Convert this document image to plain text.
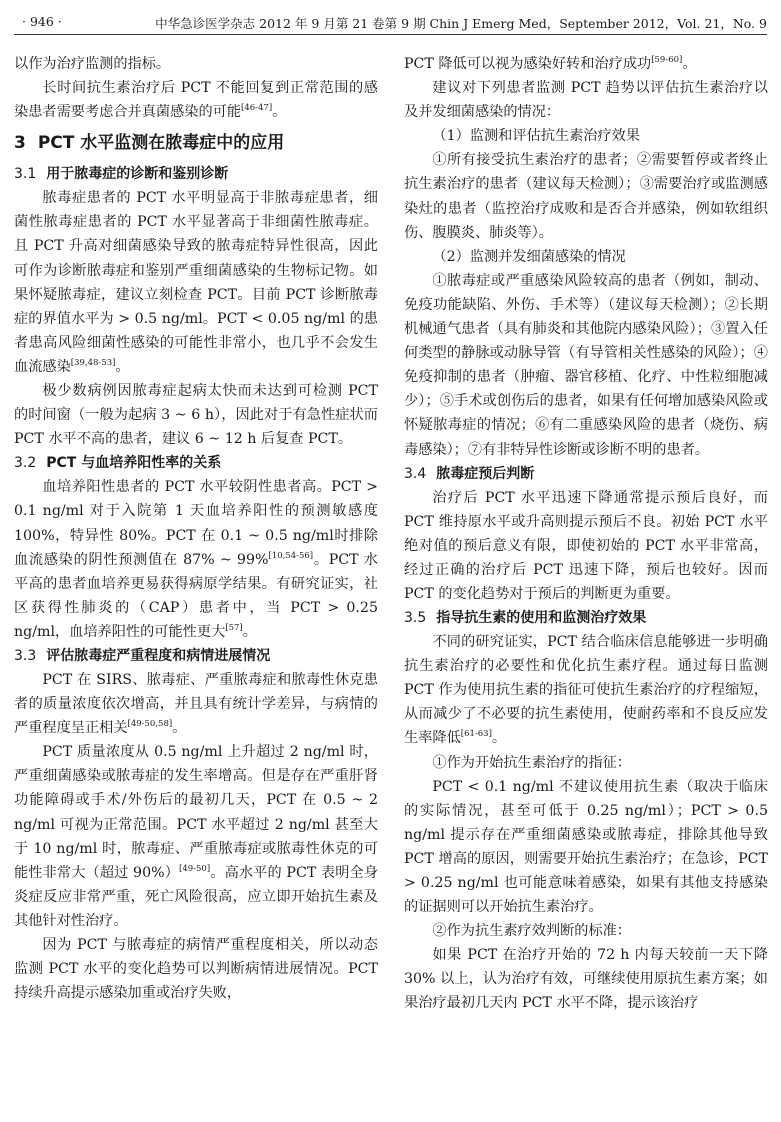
· 946 ·	中华急诊医学杂志 2012 年 9 月第 21 卷第 9 期 Chin J Emerg Med，September 2012，Vol. 21，No. 9

以作为治疗监测的指标。

长时间抗生素治疗后 PCT 不能回复到正常范围的感染患者需要考虑合并真菌感染的可能[46-47]。

3 PCT 水平监测在脓毒症中的应用
3.1 用于脓毒症的诊断和鉴别诊断

脓毒症患者的 PCT 水平明显高于非脓毒症患者，细菌性脓毒症患者的 PCT 水平显著高于非细菌性脓毒症。且 PCT 升高对细菌感染导致的脓毒症特异性很高，因此可作为诊断脓毒症和鉴别严重细菌感染的生物标记物。如果怀疑脓毒症，建议立刻检查 PCT。目前 PCT 诊断脓毒症的界值水平为 > 0.5 ng/ml。PCT < 0.05 ng/ml 的患者患高风险细菌性感染的可能性非常小，也几乎不会发生血流感染[39,48-53]。

极少数病例因脓毒症起病太快而未达到可检测 PCT 的时间窗（一般为起病 3 ~ 6 h），因此对于有急性症状而 PCT 水平不高的患者，建议 6 ~ 12 h 后复查 PCT。

3.2 PCT 与血培养阳性率的关系

血培养阳性患者的 PCT 水平较阴性患者高。PCT > 0.1 ng/ml 对于入院第 1 天血培养阳性的预测敏感度 100%，特异性 80%。PCT 在 0.1 ~ 0.5 ng/ml时排除血流感染的阴性预测值在 87% ~ 99%[10,54-56]。PCT 水平高的患者血培养更易获得病原学结果。有研究证实，社区获得性肺炎的（CAP）患者中，当 PCT > 0.25 ng/ml，血培养阳性的可能性更大[57]。

3.3 评估脓毒症严重程度和病情进展情况

PCT 在 SIRS、脓毒症、严重脓毒症和脓毒性休克患者的质量浓度依次增高，并且具有统计学差异，与病情的严重程度呈正相关[49-50,58]。

PCT 质量浓度从 0.5 ng/ml 上升超过 2 ng/ml 时，严重细菌感染或脓毒症的发生率增高。但是存在严重肝肾功能障碍或手术/外伤后的最初几天，PCT 在 0.5 ~ 2 ng/ml 可视为正常范围。PCT 水平超过 2 ng/ml 甚至大于 10 ng/ml 时，脓毒症、严重脓毒症或脓毒性休克的可能性非常大（超过 90%）[49-50]。高水平的 PCT 表明全身炎症反应非常严重，死亡风险很高，应立即开始抗生素及其他针对性治疗。

因为 PCT 与脓毒症的病情严重程度相关，所以动态监测 PCT 水平的变化趋势可以判断病情进展情况。PCT 持续升高提示感染加重或治疗失败，

PCT 降低可以视为感染好转和治疗成功[59-60]。

建议对下列患者监测 PCT 趋势以评估抗生素治疗以及并发细菌感染的情况：

（1）监测和评估抗生素治疗效果

①所有接受抗生素治疗的患者；②需要暂停或者终止抗生素治疗的患者（建议每天检测）；③需要治疗或监测感染灶的患者（监控治疗成败和是否合并感染，例如软组织伤、腹膜炎、肺炎等）。

（2）监测并发细菌感染的情况

①脓毒症或严重感染风险较高的患者（例如，制动、免疫功能缺陷、外伤、手术等）（建议每天检测）；②长期机械通气患者（具有肺炎和其他院内感染风险）；③置入任何类型的静脉或动脉导管（有导管相关性感染的风险）；④免疫抑制的患者（肿瘤、器官移植、化疗、中性粒细胞减少）；⑤手术或创伤后的患者，如果有任何增加感染风险或怀疑脓毒症的情况；⑥有二重感染风险的患者（烧伤、病毒感染）；⑦有非特异性诊断或诊断不明的患者。

3.4 脓毒症预后判断

治疗后 PCT 水平迅速下降通常提示预后良好，而 PCT 维持原水平或升高则提示预后不良。初始 PCT 水平绝对值的预后意义有限，即使初始的 PCT 水平非常高，经过正确的治疗后 PCT 迅速下降，预后也较好。因而 PCT 的变化趋势对于预后的判断更为重要。

3.5 指导抗生素的使用和监测治疗效果

不同的研究证实，PCT 结合临床信息能够进一步明确抗生素治疗的必要性和优化抗生素疗程。通过每日监测 PCT 作为使用抗生素的指征可使抗生素治疗的疗程缩短，从而减少了不必要的抗生素使用，使耐药率和不良反应发生率降低[61-63]。

①作为开始抗生素治疗的指征：

PCT < 0.1 ng/ml 不建议使用抗生素（取决于临床的实际情况，甚至可低于 0.25 ng/ml）；PCT > 0.5 ng/ml 提示存在严重细菌感染或脓毒症，排除其他导致 PCT 增高的原因，则需要开始抗生素治疗；在急诊，PCT > 0.25 ng/ml 也可能意味着感染，如果有其他支持感染的证据则可以开始抗生素治疗。

②作为抗生素疗效判断的标准：

如果 PCT 在治疗开始的 72 h 内每天较前一天下降 30% 以上，认为治疗有效，可继续使用原抗生素方案；如果治疗最初几天内 PCT 水平不降，提示该治疗
